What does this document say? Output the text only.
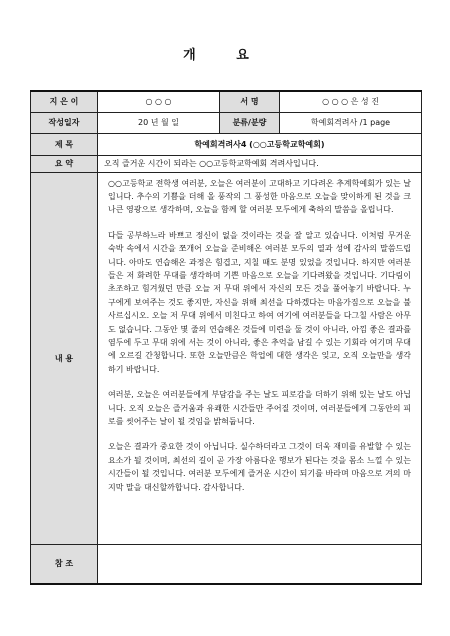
개 요
지 은 이	○ ○ ○	서 명	○ ○ ○ 은 성 진
작성일자	20 년 월 일	분류/분량	학예회격려사 /1 page
제 목	학예회격려사4 (○○고등학교학예회)		
요 약	오직 즐거운 시간이 되라는 ○○고등학교학예회 격려사입니다.		
내 용	○○고등학교 전학생 여러분, 오늘은 여러분이 고대하고 기다려온 추계학예회가 있는 날입니다. 추수의 기쁨을 더해 올 풍작의 그 풍성한 마음으로 오늘을 맞이하게 된 것을 크나큰 영광으로 생각하며, 오늘을 함께 할 여러분 모두에게 축하의 말씀을 올립니다.

다들 공부하느라 바쁘고 정신이 없을 것이라는 것을 잘 알고 있습니다. 이처럼 무거운 숙박 속에서 시간을 쪼개어 오늘을 준비해온 여러분 모두의 열과 성에 감사의 말씀드립니다. 아마도 연습해온 과정은 힘겹고, 지칠 때도 분명 있었을 것입니다. 하지만 여러분들은 저 화려한 무대를 생각하며 기쁜 마음으로 오늘을 기다려왔을 것입니다. 기다림이 초조하고 힘겨웠던 만큼 오늘 저 무대 위에서 자신의 모든 것을 풀어놓기 바랍니다. 누구에게 보여주는 것도 좋지만, 자신을 위해 최선을 다하겠다는 마음가짐으로 오늘을 불사르십시오. 오늘 저 무대 위에서 미친다고 하여 여기에 여러분들을 다그칠 사람은 아무도 없습니다. 그동안 몇 줄의 연습해온 것들에 미련을 둘 것이 아니라, 아낌 좋은 결과를 염두에 두고 무대 위에 서는 것이 아니라, 좋은 추억을 남길 수 있는 기회라 여기며 무대에 오르길 간청합니다. 또한 오늘만큼은 학업에 대한 생각은 잊고, 오직 오늘만을 생각하기 바랍니다.

여러분, 오늘은 여러분들에게 부담감을 주는 날도 피로감을 더하기 위해 있는 날도 아닙니다. 오직 오늘은 즐거움과 유쾌한 시간들만 주어질 것이며, 여러분들에게 그동안의 피로를 씻어주는 날이 될 것임을 밝혀둡니다.

오늘은 결과가 중요한 것이 아닙니다. 실수하더라고 그것이 더욱 재미를 유발할 수 있는 요소가 될 것이며, 최선의 길이 곧 가장 아름다운 행보가 된다는 것을 몸소 느낄 수 있는 시간들이 될 것입니다. 여러분 모두에게 즐거운 시간이 되기를 바라며 마음으로 겨의 마지막 말을 대신할까합니다. 감사합니다.		

참 조			
